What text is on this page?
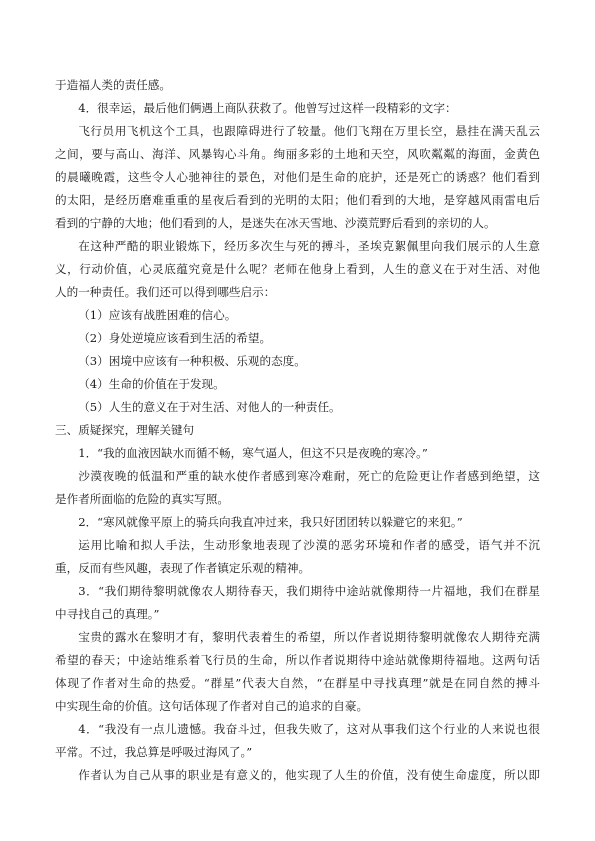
于造福人类的责任感。
4．很幸运，最后他们俩遇上商队获救了。他曾写过这样一段精彩的文字：
飞行员用飞机这个工具，也跟障碍进行了较量。他们飞翔在万里长空，悬挂在满天乱云
之间，要与高山、海洋、风暴钩心斗角。绚丽多彩的土地和天空，风吹粼粼的海面，金黄色
的晨曦晚霞，这些令人心驰神往的景色，对他们是生命的庇护，还是死亡的诱惑？他们看到
的太阳，是经历磨难重重的星夜后看到的光明的太阳；他们看到的大地，是穿越风雨雷电后
看到的宁静的大地；他们看到的人，是迷失在冰天雪地、沙漠荒野后看到的亲切的人。
在这种严酷的职业锻炼下，经历多次生与死的搏斗，圣埃克絮佩里向我们展示的人生意
义，行动价值，心灵底蕴究竟是什么呢？老师在他身上看到，人生的意义在于对生活、对他
人的一种责任。我们还可以得到哪些启示：
（1）应该有战胜困难的信心。
（2）身处逆境应该看到生活的希望。
（3）困境中应该有一种积极、乐观的态度。
（4）生命的价值在于发现。
（5）人生的意义在于对生活、对他人的一种责任。
三、质疑探究，理解关键句
1．“我的血液因缺水而循不畅，寒气逼人，但这不只是夜晚的寒冷。”
沙漠夜晚的低温和严重的缺水使作者感到寒冷难耐，死亡的危险更让作者感到绝望，这
是作者所面临的危险的真实写照。
2．“寒风就像平原上的骑兵向我直冲过来，我只好团团转以躲避它的来犯。”
运用比喻和拟人手法，生动形象地表现了沙漠的恶劣环境和作者的感受，语气并不沉
重，反而有些风趣，表现了作者镇定乐观的精神。
3．“我们期待黎明就像农人期待春天，我们期待中途站就像期待一片福地，我们在群星
中寻找自己的真理。”
宝贵的露水在黎明才有，黎明代表着生的希望，所以作者说期待黎明就像农人期待充满
希望的春天；中途站维系着飞行员的生命，所以作者说期待中途站就像期待福地。这两句话
体现了作者对生命的热爱。“群星”代表大自然，“在群星中寻找真理”就是在同自然的搏斗
中实现生命的价值。这句话体现了作者对自己的追求的自豪。
4．“我没有一点儿遗憾。我奋斗过，但我失败了，这对从事我们这个行业的人来说也很
平常。不过，我总算是呼吸过海风了。”
作者认为自己从事的职业是有意义的，他实现了人生的价值，没有使生命虚度，所以即
